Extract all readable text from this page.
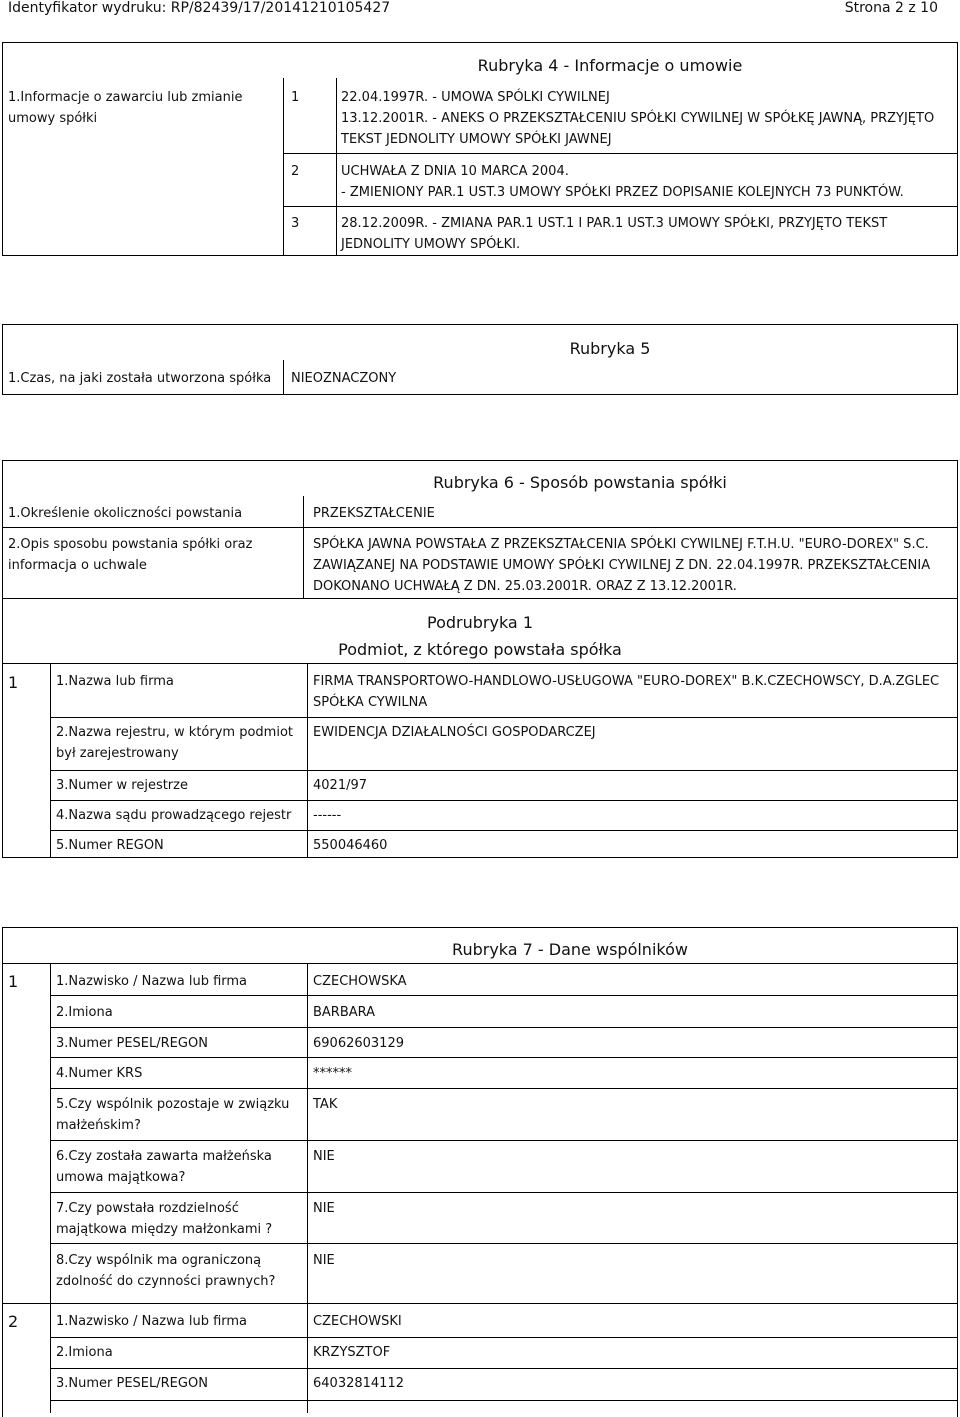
Identyfikator wydruku: RP/82439/17/20141210105427	Strona 2 z 10
Rubryka 4 - Informacje o umowie
1.Informacje o zawarciu lub zmianie
umowy spółki
1	22.04.1997R. - UMOWA SPÓLKI CYWILNEJ
13.12.2001R. - ANEKS O PRZEKSZTAŁCENIU SPÓŁKI CYWILNEJ W SPÓŁKĘ JAWNĄ, PRZYJĘTO
TEKST JEDNOLITY UMOWY SPÓŁKI JAWNEJ
2	UCHWAŁA Z DNIA 10 MARCA 2004.
- ZMIENIONY PAR.1 UST.3 UMOWY SPÓŁKI PRZEZ DOPISANIE KOLEJNYCH 73 PUNKTÓW.
3	28.12.2009R. - ZMIANA PAR.1 UST.1 I PAR.1 UST.3 UMOWY SPÓŁKI, PRZYJĘTO TEKST
JEDNOLITY UMOWY SPÓŁKI.
Rubryka 5
1.Czas, na jaki została utworzona spółka NIEOZNACZONY
Rubryka 6 - Sposób powstania spółki
1.Określenie okoliczności powstania	PRZEKSZTAŁCENIE
2.Opis sposobu powstania spółki oraz
informacja o uchwale
SPÓŁKA JAWNA POWSTAŁA Z PRZEKSZTAŁCENIA SPÓŁKI CYWILNEJ F.T.H.U. "EURO-DOREX" S.C.
ZAWIĄZANEJ NA PODSTAWIE UMOWY SPÓŁKI CYWILNEJ Z DN. 22.04.1997R. PRZEKSZTAŁCENIA
DOKONANO UCHWAŁĄ Z DN. 25.03.2001R. ORAZ Z 13.12.2001R.
Podrubryka 1
Podmiot, z którego powstała spółka
1	1.Nazwa lub firma	FIRMA TRANSPORTOWO-HANDLOWO-USŁUGOWA "EURO-DOREX" B.K.CZECHOWSCY, D.A.ZGLEC
SPÓŁKA CYWILNA
2.Nazwa rejestru, w którym podmiot
był zarejestrowany
EWIDENCJA DZIAŁALNOŚCI GOSPODARCZEJ
3.Numer w rejestrze	4021/97
4.Nazwa sądu prowadzącego rejestr ------
5.Numer REGON	550046460
Rubryka 7 - Dane wspólników
1	1.Nazwisko / Nazwa lub firma	CZECHOWSKA
2.Imiona	BARBARA
3.Numer PESEL/REGON	69062603129
4.Numer KRS	******
5.Czy wspólnik pozostaje w związku
małżeńskim?
TAK
6.Czy została zawarta małżeńska
umowa majątkowa?
NIE
7.Czy powstała rozdzielność
majątkowa między małżonkami ?
NIE
8.Czy wspólnik ma ograniczoną
zdolność do czynności prawnych?
NIE
2	1.Nazwisko / Nazwa lub firma	CZECHOWSKI
2.Imiona	KRZYSZTOF
3.Numer PESEL/REGON	64032814112
